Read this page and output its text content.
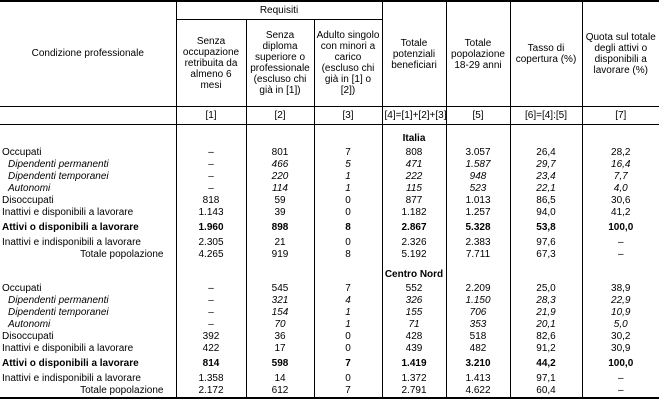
Condizione professionale	Requisiti			Totale potenziali beneficiari	Totale popolazione 18-29 anni	Tasso di copertura (%)	Quota sul totale degli attivi o disponibili a lavorare (%)
	Senza occupazione retribuita da almeno 6 mesi	Senza diploma superiore o professionale (escluso chi già in [1])	Adulto singolo con minori a carico (escluso chi già in [1] o [2])				
	[1]	[2]	[3]	[4]=[1]+[2]+[3]	[5]	[6]=[4]:[5]	[7]
				Italia			
Occupati	–	801	7	808	3.057	26,4	28,2
Dipendenti permanenti	–	466	5	471	1.587	29,7	16,4
Dipendenti temporanei	–	220	1	222	948	23,4	7,7
Autonomi	–	114	1	115	523	22,1	4,0
Disoccupati	818	59	0	877	1.013	86,5	30,6
Inattivi e disponibili a lavorare	1.143	39	0	1.182	1.257	94,0	41,2
Attivi o disponibili a lavorare	1.960	898	8	2.867	5.328	53,8	100,0
Inattivi e indisponibili a lavorare	2.305	21	0	2.326	2.383	97,6	–
Totale popolazione	4.265	919	8	5.192	7.711	67,3	–
				Centro Nord			
Occupati	–	545	7	552	2.209	25,0	38,9
Dipendenti permanenti	–	321	4	326	1.150	28,3	22,9
Dipendenti temporanei	–	154	1	155	706	21,9	10,9
Autonomi	–	70	1	71	353	20,1	5,0
Disoccupati	392	36	0	428	518	82,6	30,2
Inattivi e disponibili a lavorare	422	17	0	439	482	91,2	30,9
Attivi o disponibili a lavorare	814	598	7	1.419	3.210	44,2	100,0
Inattivi e indisponibili a lavorare	1.358	14	0	1.372	1.413	97,1	–
Totale popolazione	2.172	612	7	2.791	4.622	60,4	–
